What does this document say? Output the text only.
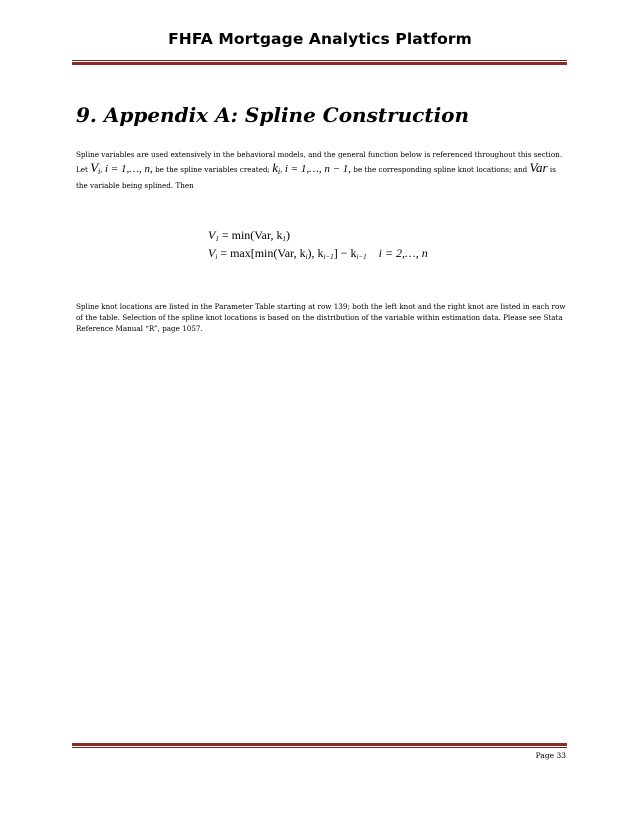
FHFA Mortgage Analytics Platform
9. Appendix A: Spline Construction
Spline variables are used extensively in the behavioral models, and the general function below is referenced throughout this section.
Let Vi, i = 1,…, n, be the spline variables created; ki, i = 1,…, n − 1, be the corresponding spline knot locations; and Var is
the variable being splined. Then
$V_1 = \min(Var$, $k_1$)
$V_i = \max[\min(Var$, $k_i$), $k_{i-1}] - k_{i-1}$ i = 2,…, n
Spline knot locations are listed in the Parameter Table starting at row 139; both the left knot and the right knot are listed in each row of the table. Selection of the spline knot locations is based on the distribution of the variable within estimation data. Please see Stata Reference Manual “R”, page 1057.
Page 33
